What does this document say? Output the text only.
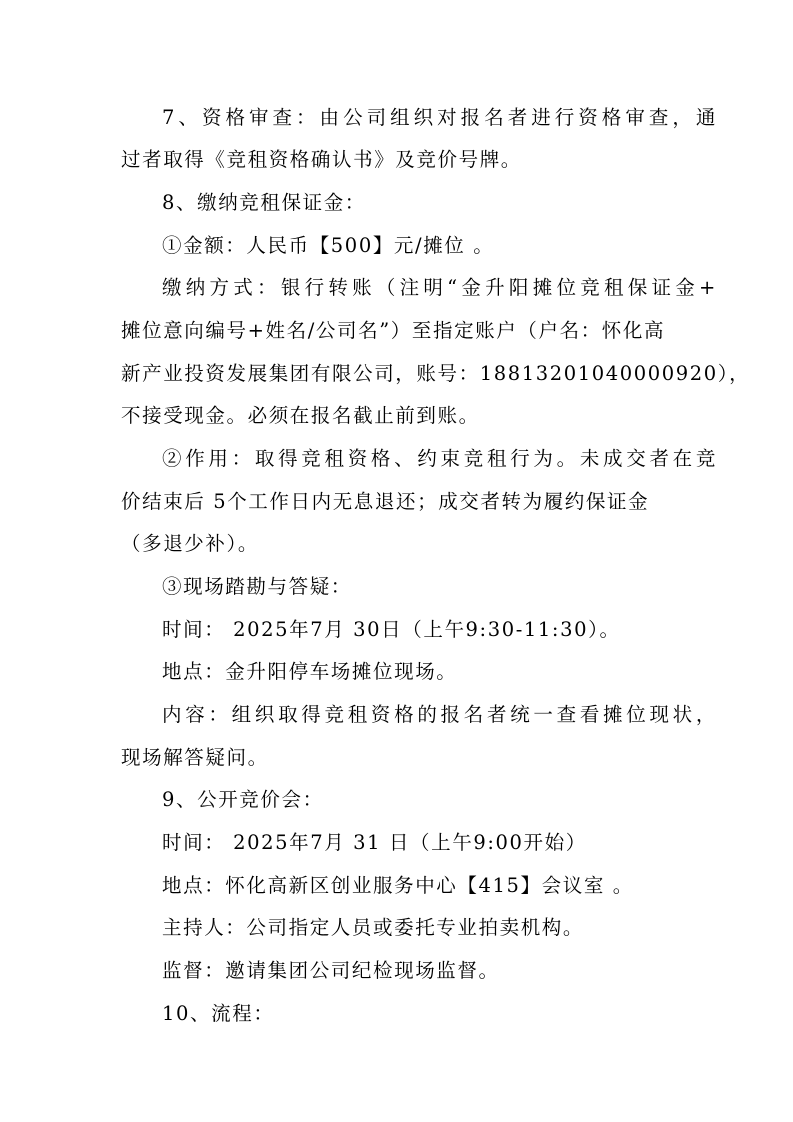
7、资格审查：由公司组织对报名者进行资格审查，通
过者取得《竞租资格确认书》及竞价号牌。
8、缴纳竞租保证金：
①金额：人民币【500】元/摊位 。
缴纳方式：银行转账（注明“金升阳摊位竞租保证金+
摊位意向编号+姓名/公司名”）至指定账户（户名：怀化高
新产业投资发展集团有限公司，账号：18813201040000920），
不接受现金。必须在报名截止前到账。
②作用：取得竞租资格、约束竞租行为。未成交者在竞
价结束后 5个工作日内无息退还；成交者转为履约保证金
（多退少补）。
③现场踏勘与答疑：
时间： 2025年7月 30日（上午9:30-11:30）。
地点：金升阳停车场摊位现场。
内容：组织取得竞租资格的报名者统一查看摊位现状，
现场解答疑问。
9、公开竞价会：
时间： 2025年7月 31 日（上午9:00开始）
地点：怀化高新区创业服务中心【415】会议室 。
主持人：公司指定人员或委托专业拍卖机构。
监督：邀请集团公司纪检现场监督。
10、流程：
